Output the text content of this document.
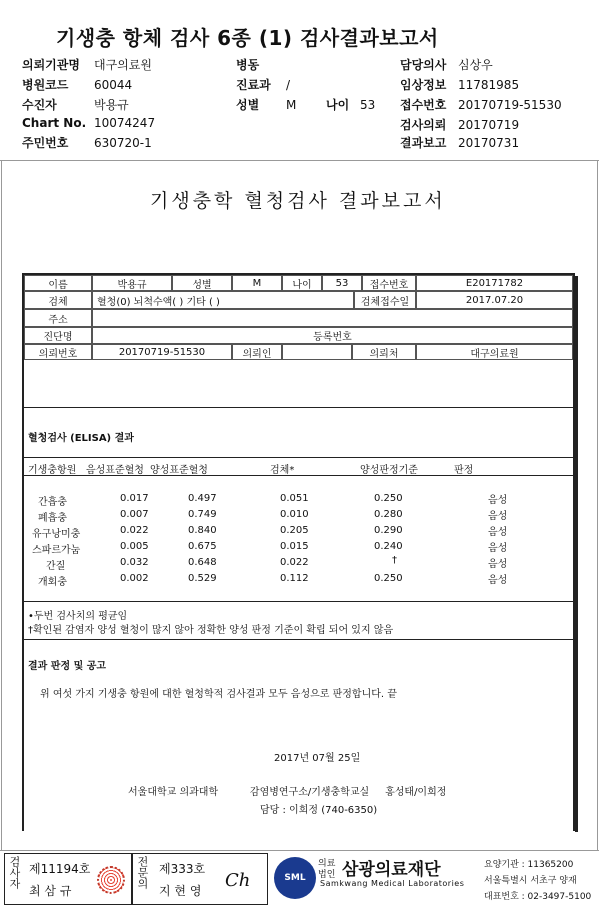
기생충 항체 검사 6종 (1) 검사결과보고서
의뢰기관명 대구의료원	병동	담당의사 심상우
병원코드 60044	진료과 /	임상정보 11781985
수진자	박용규	성별 M 나이 53 접수번호 20170719-51530
Chart No. 10074247	검사의뢰 20170719
주민번호 630720-1	결과보고 20170731
기생충학 혈청검사 결과보고서
이름	박용규	성별	M	나이	53	접수번호	E20171782
검체	혈청(0) 뇌척수액( ) 기타 ( )	검체접수일	2017.07.20
주소
진단명	등록번호
의뢰번호	20170719-51530	의뢰인	의뢰처	대구의료원
혈청검사 (ELISA) 결과
기생충항원 음성표준혈청 양성표준혈청	검체*	양성판정기준	판정
간흡충	0.017	0.497	0.051	0.250	음성
폐흡충	0.007	0.749	0.010	0.280	음성
유구낭미충	0.022	0.840	0.205	0.290	음성
스파르가눔	0.005	0.675	0.015	0.240	음성
간질	0.032	0.648	0.022	†	음성
개회충	0.002	0.529	0.112	0.250	음성
•두번 검사치의 평균임
†확인된 감염자 양성 혈청이 많지 않아 정확한 양성 판정 기준이 확립 되어 있지 않음
결과 판정 및 공고
위 여섯 가지 기생충 항원에 대한 혈청학적 검사결과 모두 음성으로 판정합니다. 끝
2017년 07월 25일
서울대학교 의과대학          감염병연구소/기생충학교실     홍성태/이희정
담당 : 이희정 (740-6350)
검사자 제11194호
최 삼 규
전문의 제333호
지 현 영 Ch	SML
의료법인 삼광의료재단
Samkwang Medical Laboratories
요양기관 : 11365200
서울특별시 서초구 양재
대표번호 : 02-3497-5100
